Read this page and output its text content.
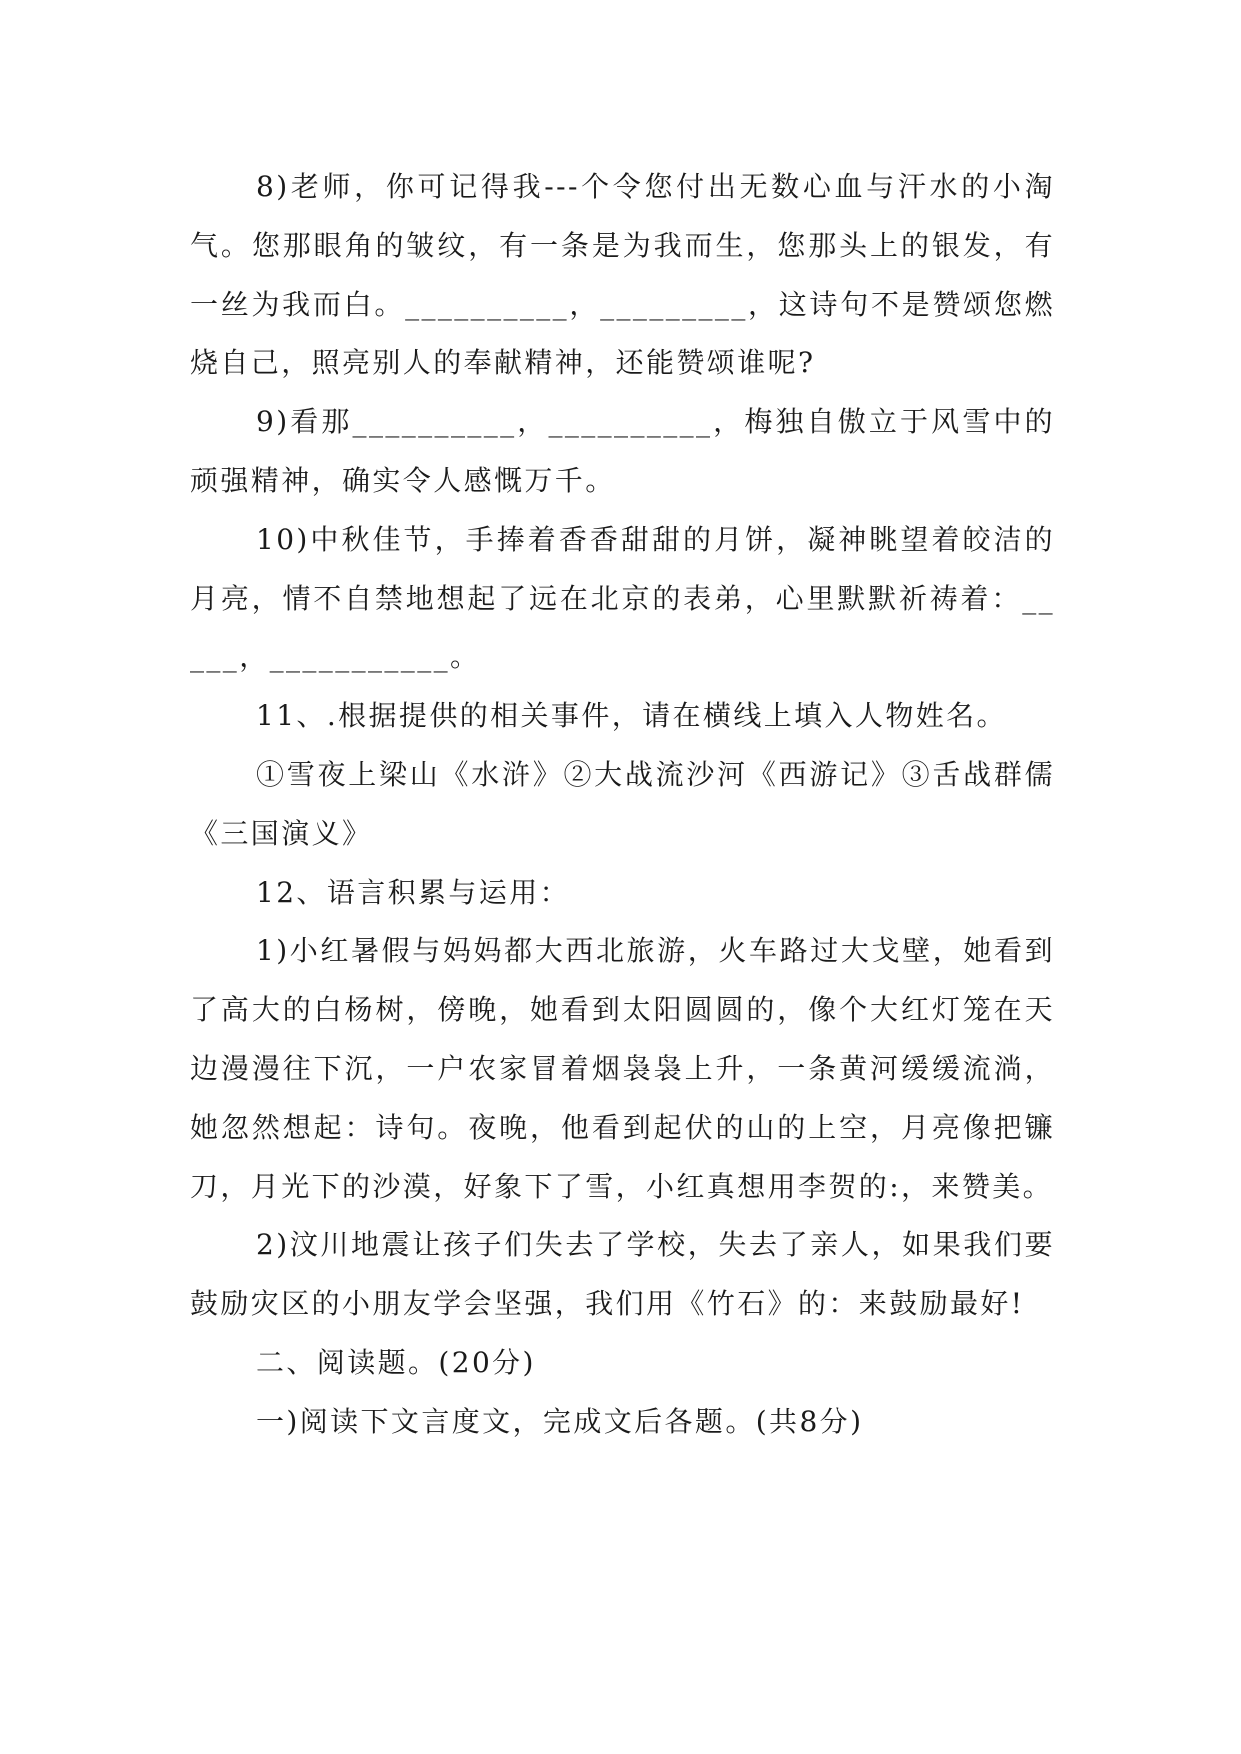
8)老师，你可记得我---个令您付出无数心血与汗水的小淘气。您那眼角的皱纹，有一条是为我而生，您那头上的银发，有一丝为我而白。__________，_________，这诗句不是赞颂您燃烧自己，照亮别人的奉献精神，还能赞颂谁呢?

9)看那__________，__________，梅独自傲立于风雪中的顽强精神，确实令人感慨万千。

10)中秋佳节，手捧着香香甜甜的月饼，凝神眺望着皎洁的月亮，情不自禁地想起了远在北京的表弟，心里默默祈祷着：_____，___________。

11、.根据提供的相关事件，请在横线上填入人物姓名。

①雪夜上梁山《水浒》②大战流沙河《西游记》③舌战群儒《三国演义》

12、语言积累与运用：

1)小红暑假与妈妈都大西北旅游，火车路过大戈壁，她看到了高大的白杨树，傍晚，她看到太阳圆圆的，像个大红灯笼在天边漫漫往下沉，一户农家冒着烟袅袅上升，一条黄河缓缓流淌，她忽然想起：诗句。夜晚，他看到起伏的山的上空，月亮像把镰刀，月光下的沙漠，好象下了雪，小红真想用李贺的:，来赞美。

2)汶川地震让孩子们失去了学校，失去了亲人，如果我们要鼓励灾区的小朋友学会坚强，我们用《竹石》的：来鼓励最好!

二、阅读题。(20分)

一)阅读下文言度文，完成文后各题。(共8分)
